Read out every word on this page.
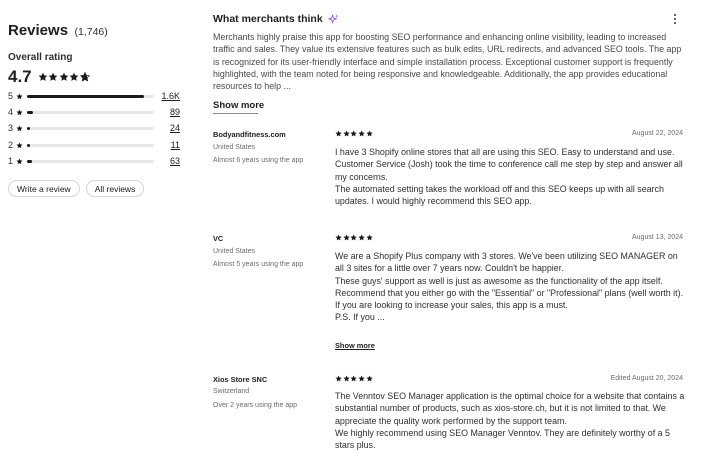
Reviews (1,746)
Overall rating
4.7
5	1.6K
4	89
3	24
2	11
1	63
Write a review	All reviews
What merchants think
Merchants highly praise this app for boosting SEO performance and enhancing online visibility, leading to increased traffic and sales. They value its extensive features such as bulk edits, URL redirects, and advanced SEO tools. The app is recognized for its user-friendly interface and simple installation process. Exceptional customer support is frequently highlighted, with the team noted for being responsive and knowledgeable. Additionally, the app provides educational resources to help ...
Show more
Bodyandfitness.com
United States
Almost 6 years using the app
August 22, 2024

I have 3 Shopify online stores that all are using this SEO. Easy to understand and use. Customer Service (Josh) took the time to conference call me step by step and answer all my concerns.

The automated setting takes the workload off and this SEO keeps up with all search updates. I would highly recommend this SEO app.

VC
United States
Almost 5 years using the app
August 13, 2024

We are a Shopify Plus company with 3 stores. We've been utilizing SEO MANAGER on all 3 sites for a little over 7 years now. Couldn't be happier.

These guys' support as well is just as awesome as the functionality of the app itself. Recommend that you either go with the "Essential" or "Professional" plans (well worth it).

If you are looking to increase your sales, this app is a must.

P.S. If you ...

Show more
Xios Store SNC
Switzerland
Over 2 years using the app
Edited August 20, 2024

The Venntov SEO Manager application is the optimal choice for a website that contains a substantial number of products, such as xios-store.ch, but it is not limited to that. We appreciate the quality work performed by the support team.

We highly recommend using SEO Manager Venntov. They are definitely worthy of a 5 stars plus.
